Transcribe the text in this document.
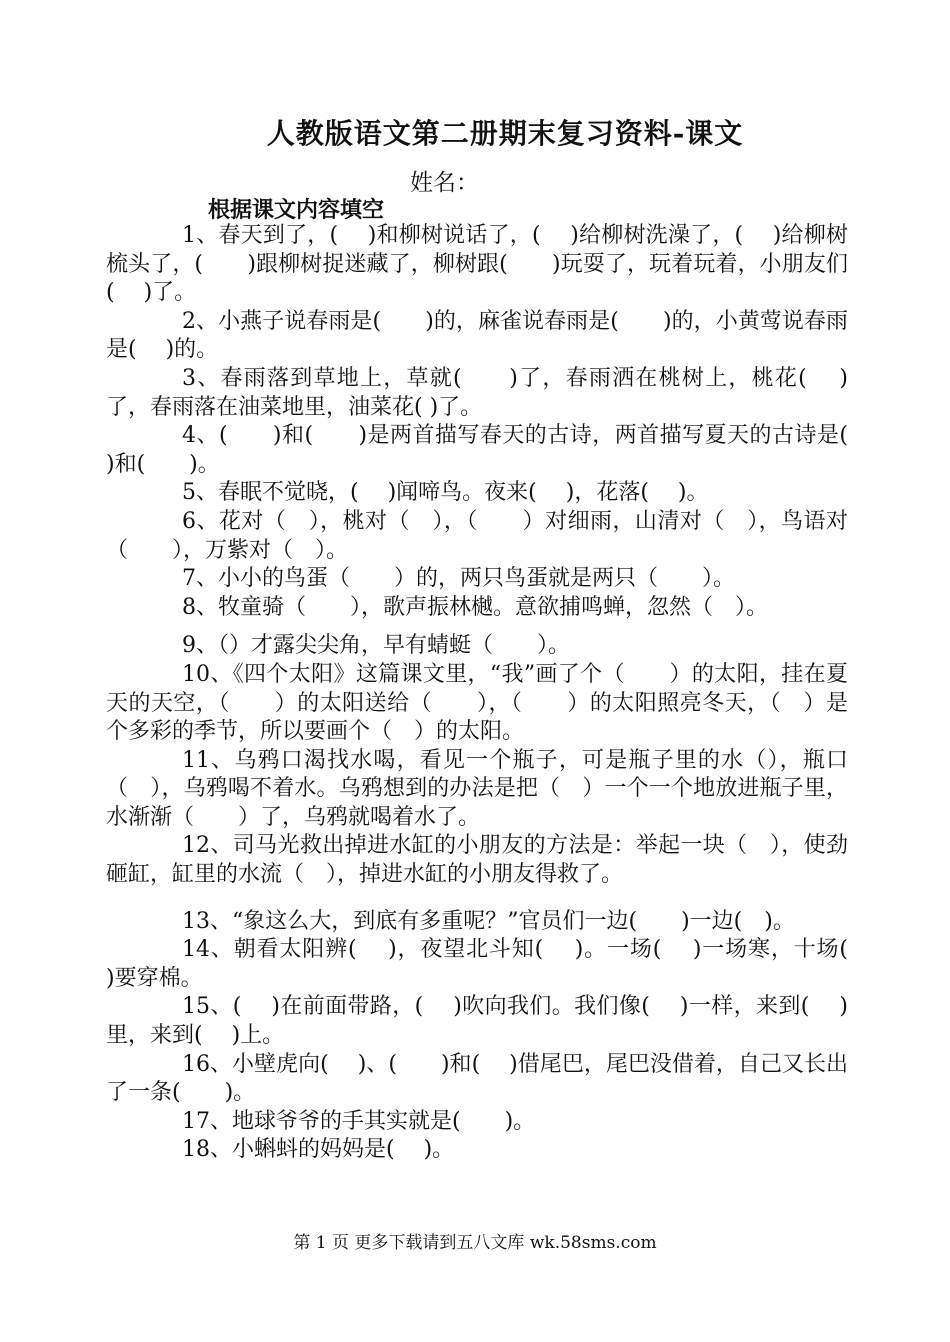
人教版语文第二册期末复习资料-课文
姓名：
根据课文内容填空

1、春天到了，(　 )和柳树说话了，(　 )给柳树洗澡了，(　 )给柳树梳头了，(　　)跟柳树捉迷藏了，柳树跟(　　)玩耍了，玩着玩着，小朋友们(　 )了。

2、小燕子说春雨是(　　)的，麻雀说春雨是(　　)的，小黄莺说春雨是(　 )的。

3、春雨落到草地上，草就(　　)了，春雨洒在桃树上，桃花(　 )了，春雨落在油菜地里，油菜花( )了。

4、(　　)和(　　)是两首描写春天的古诗，两首描写夏天的古诗是(　 )和(　　)。

5、春眠不觉晓，(　 )闻啼鸟。夜来(　 )，花落(　 )。

6、花对（　），桃对（　），（　　）对细雨，山清对（　），鸟语对（　　），万紫对（　）。

7、小小的鸟蛋（　　）的，两只鸟蛋就是两只（　　）。

8、牧童骑（　　），歌声振林樾。意欲捕鸣蝉，忽然（　）。

9、（）才露尖尖角，早有蜻蜓（　　）。

10、《四个太阳》这篇课文里，“我”画了个（　　）的太阳，挂在夏天的天空，（　　）的太阳送给（　　），（　　）的太阳照亮冬天，（　）是个多彩的季节，所以要画个（　）的太阳。

11、乌鸦口渴找水喝，看见一个瓶子，可是瓶子里的水（），瓶口（　），乌鸦喝不着水。乌鸦想到的办法是把（　）一个一个地放进瓶子里，水渐渐（　　）了，乌鸦就喝着水了。

12、司马光救出掉进水缸的小朋友的方法是：举起一块（　），使劲砸缸，缸里的水流（　），掉进水缸的小朋友得救了。

13、“象这么大，到底有多重呢？”官员们一边(　　)一边(　)。

14、朝看太阳辨(　 )，夜望北斗知(　 )。一场(　 )一场寒，十场(　 )要穿棉。

15、(　 )在前面带路，(　 )吹向我们。我们像(　 )一样，来到(　 )里，来到(　 )上。

16、小壁虎向(　 )、(　　)和(　 )借尾巴，尾巴没借着，自己又长出了一条(　　)。

17、地球爷爷的手其实就是(　　)。

18、小蝌蚪的妈妈是(　 )。

第 1 页 更多下载请到五八文库 wk.58sms.com
